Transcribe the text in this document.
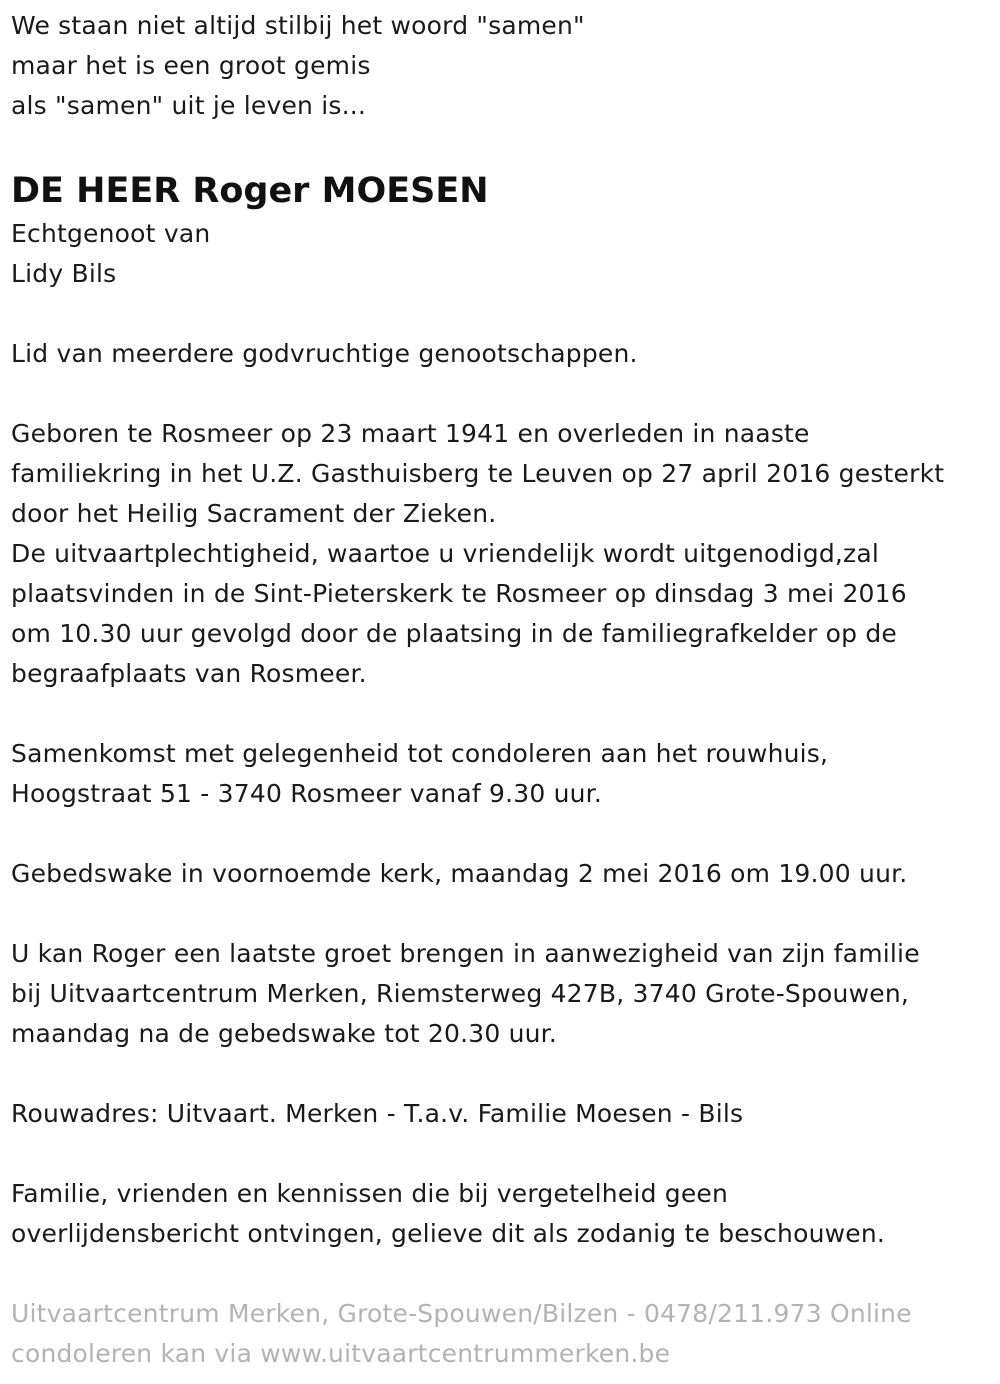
We staan niet altijd stilbij het woord "samen"
maar het is een groot gemis
als "samen" uit je leven is...
DE HEER Roger MOESEN
Echtgenoot van
Lidy Bils
Lid van meerdere godvruchtige genootschappen.
Geboren te Rosmeer op 23 maart 1941 en overleden in naaste
familiekring in het U.Z. Gasthuisberg te Leuven op 27 april 2016 gesterkt
door het Heilig Sacrament der Zieken.
De uitvaartplechtigheid, waartoe u vriendelijk wordt uitgenodigd,zal
plaatsvinden in de Sint-Pieterskerk te Rosmeer op dinsdag 3 mei 2016
om 10.30 uur gevolgd door de plaatsing in de familiegrafkelder op de
begraafplaats van Rosmeer.
Samenkomst met gelegenheid tot condoleren aan het rouwhuis,
Hoogstraat 51 - 3740 Rosmeer vanaf 9.30 uur.
Gebedswake in voornoemde kerk, maandag 2 mei 2016 om 19.00 uur.
U kan Roger een laatste groet brengen in aanwezigheid van zijn familie
bij Uitvaartcentrum Merken, Riemsterweg 427B, 3740 Grote-Spouwen,
maandag na de gebedswake tot 20.30 uur.
Rouwadres: Uitvaart. Merken - T.a.v. Familie Moesen - Bils
Familie, vrienden en kennissen die bij vergetelheid geen
overlijdensbericht ontvingen, gelieve dit als zodanig te beschouwen.
Uitvaartcentrum Merken, Grote-Spouwen/Bilzen - 0478/211.973 Online
condoleren kan via www.uitvaartcentrummerken.be
